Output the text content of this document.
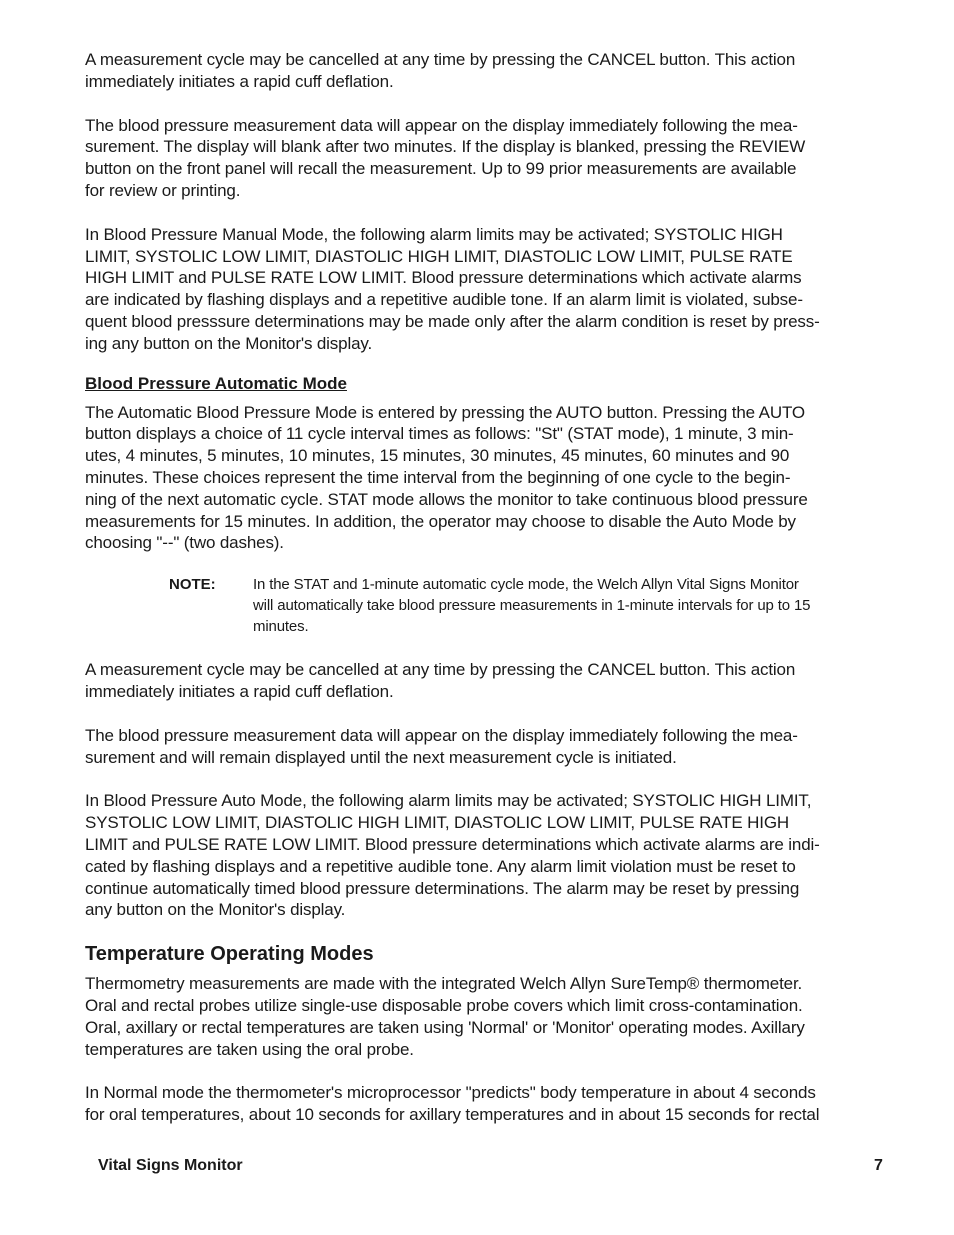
A measurement cycle may be cancelled at any time by pressing the CANCEL button. This action
immediately initiates a rapid cuff deflation.

The blood pressure measurement data will appear on the display immediately following the mea-
surement. The display will blank after two minutes. If the display is blanked, pressing the REVIEW
button on the front panel will recall the measurement. Up to 99 prior measurements are available
for review or printing.

In Blood Pressure Manual Mode, the following alarm limits may be activated; SYSTOLIC HIGH
LIMIT, SYSTOLIC LOW LIMIT, DIASTOLIC HIGH LIMIT, DIASTOLIC LOW LIMIT, PULSE RATE
HIGH LIMIT and PULSE RATE LOW LIMIT. Blood pressure determinations which activate alarms
are indicated by flashing displays and a repetitive audible tone. If an alarm limit is violated, subse-
quent blood presssure determinations may be made only after the alarm condition is reset by press-
ing any button on the Monitor's display.

Blood Pressure Automatic Mode

The Automatic Blood Pressure Mode is entered by pressing the AUTO button. Pressing the AUTO
button displays a choice of 11 cycle interval times as follows: "St" (STAT mode), 1 minute, 3 min-
utes, 4 minutes, 5 minutes, 10 minutes, 15 minutes, 30 minutes, 45 minutes, 60 minutes and 90
minutes. These choices represent the time interval from the beginning of one cycle to the begin-
ning of the next automatic cycle. STAT mode allows the monitor to take continuous blood pressure
measurements for 15 minutes. In addition, the operator may choose to disable the Auto Mode by
choosing "--" (two dashes).

NOTE:	In the STAT and 1-minute automatic cycle mode, the Welch Allyn Vital Signs Monitor
will automatically take blood pressure measurements in 1-minute intervals for up to 15
minutes.

A measurement cycle may be cancelled at any time by pressing the CANCEL button. This action
immediately initiates a rapid cuff deflation.

The blood pressure measurement data will appear on the display immediately following the mea-
surement and will remain displayed until the next measurement cycle is initiated.

In Blood Pressure Auto Mode, the following alarm limits may be activated; SYSTOLIC HIGH LIMIT,
SYSTOLIC LOW LIMIT, DIASTOLIC HIGH LIMIT, DIASTOLIC LOW LIMIT, PULSE RATE HIGH
LIMIT and PULSE RATE LOW LIMIT. Blood pressure determinations which activate alarms are indi-
cated by flashing displays and a repetitive audible tone. Any alarm limit violation must be reset to
continue automatically timed blood pressure determinations. The alarm may be reset by pressing
any button on the Monitor's display.

Temperature Operating Modes

Thermometry measurements are made with the integrated Welch Allyn SureTemp® thermometer.
Oral and rectal probes utilize single-use disposable probe covers which limit cross-contamination.
Oral, axillary or rectal temperatures are taken using 'Normal' or 'Monitor' operating modes. Axillary
temperatures are taken using the oral probe.

In Normal mode the thermometer's microprocessor "predicts" body temperature in about 4 seconds
for oral temperatures, about 10 seconds for axillary temperatures and in about 15 seconds for rectal

Vital Signs Monitor	7
